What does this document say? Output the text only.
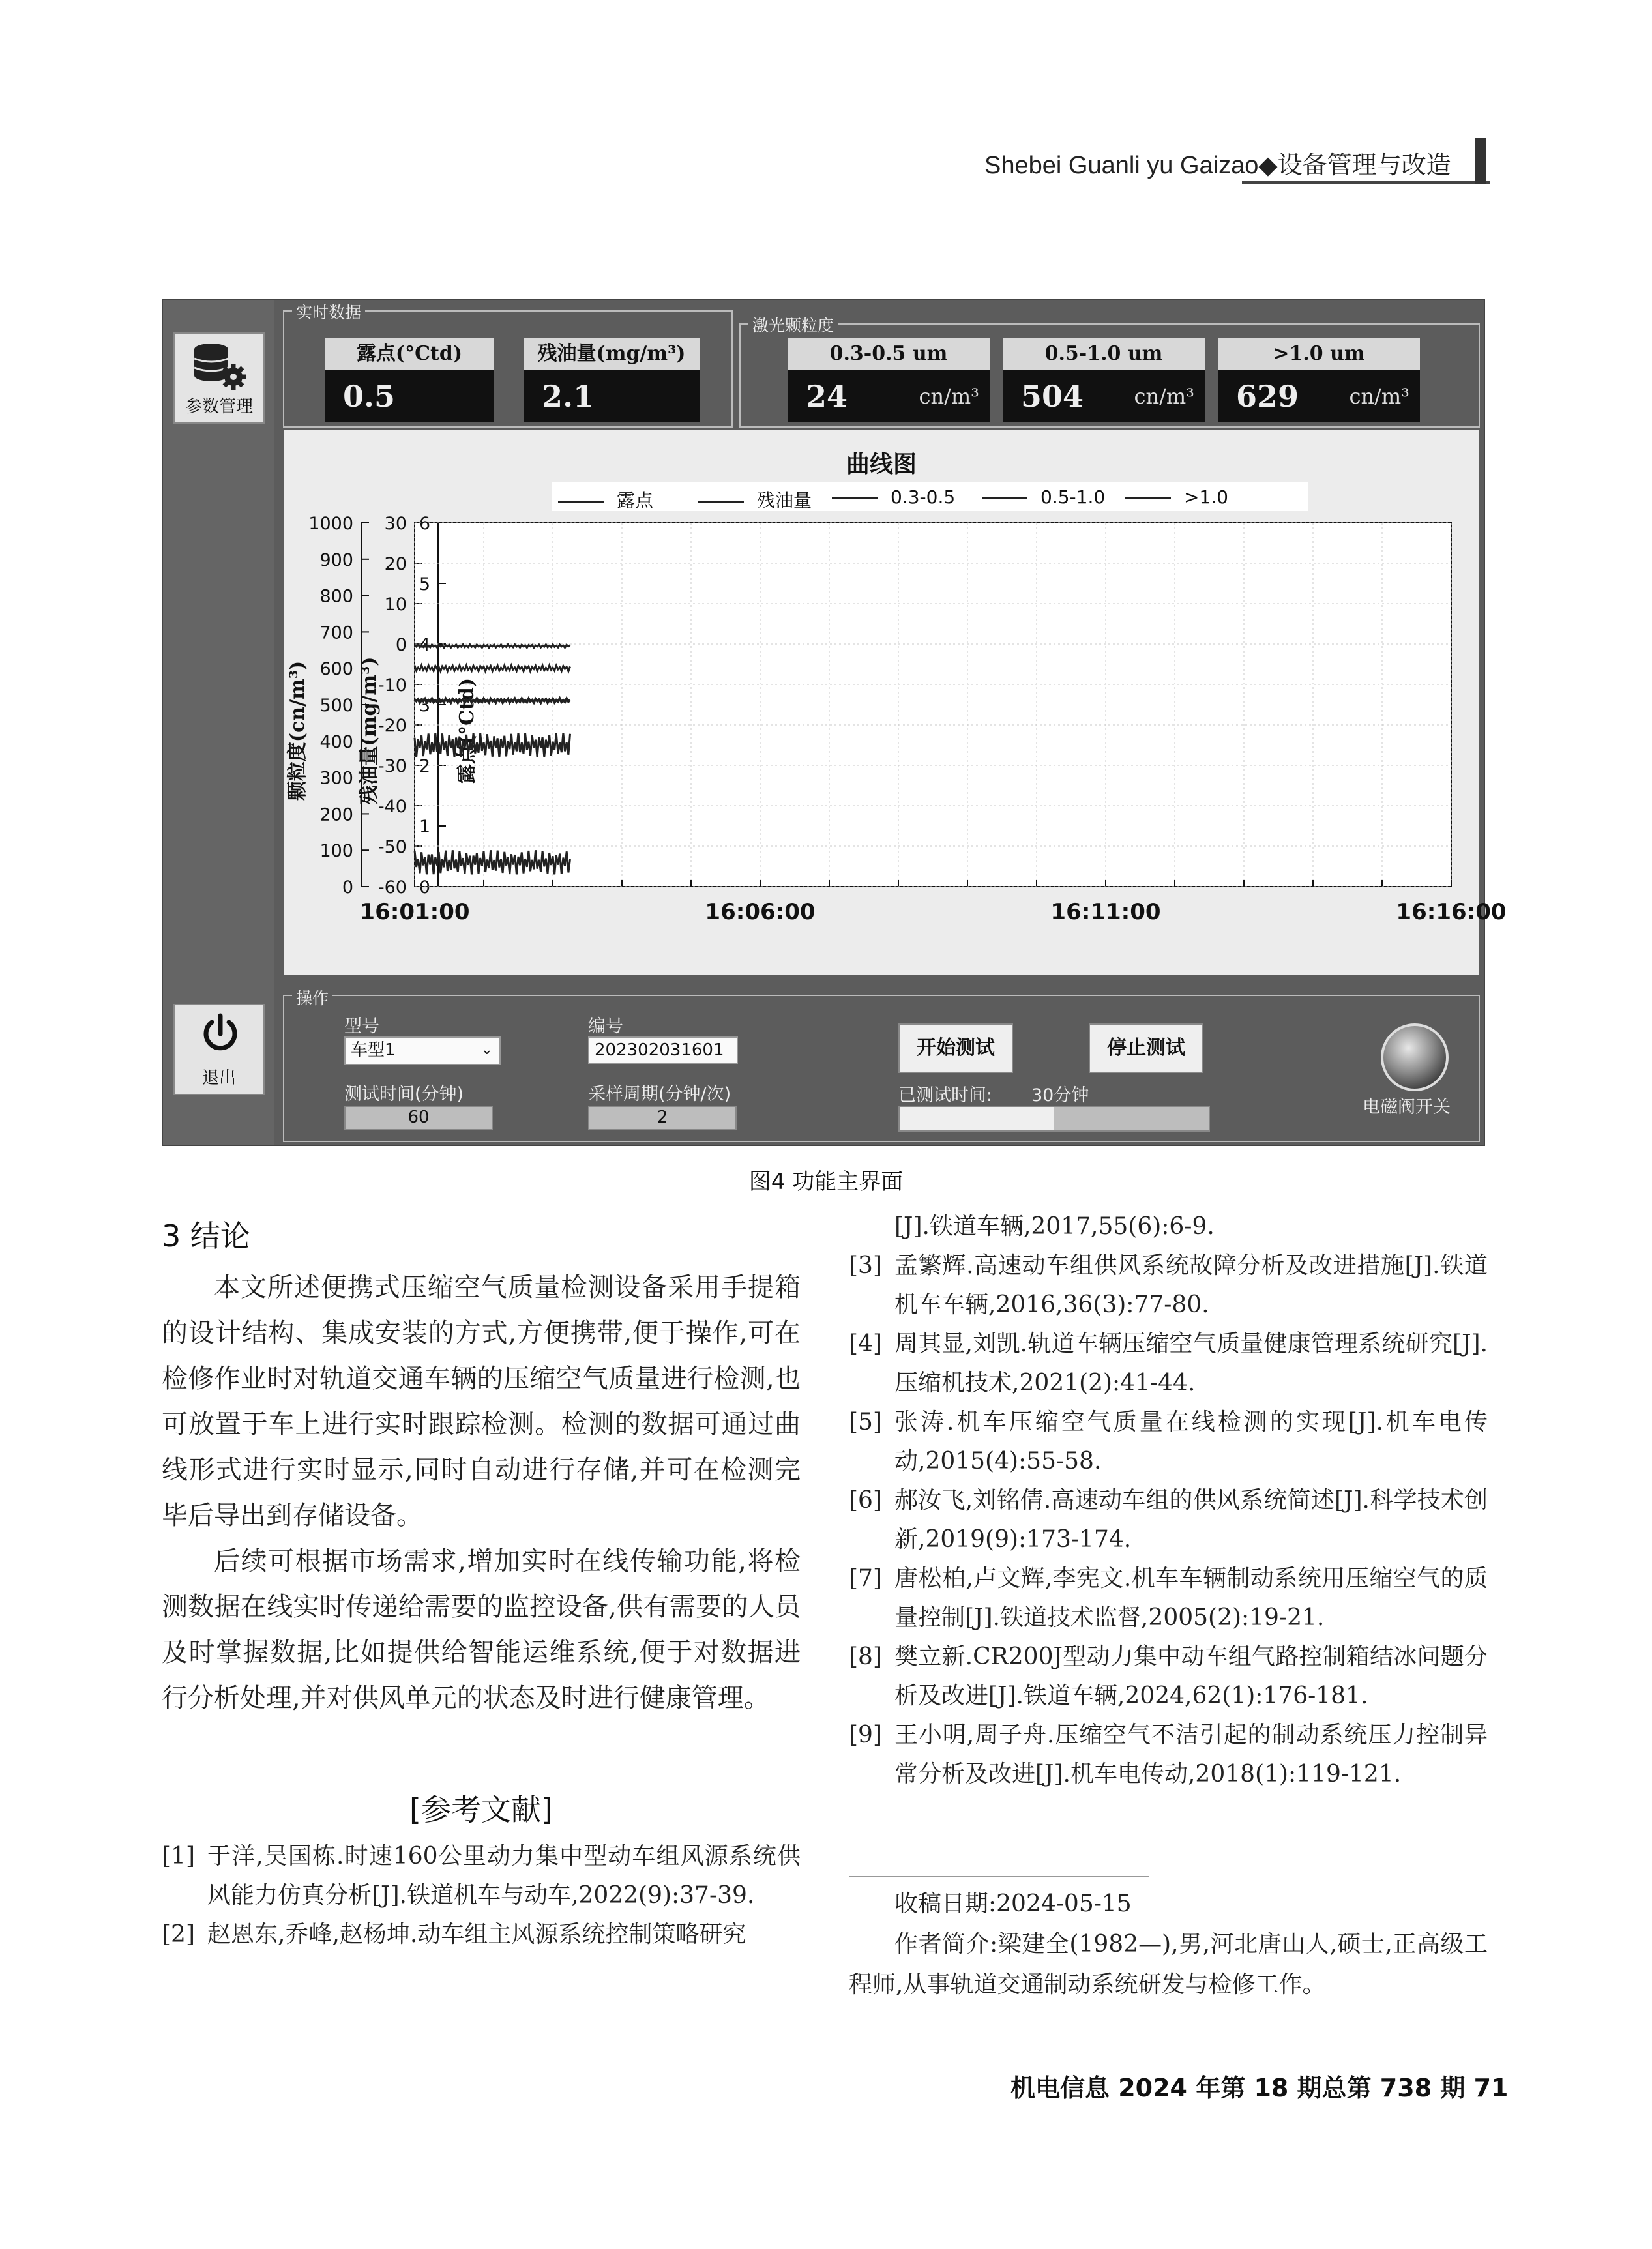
Shebei Guanli yu Gaizao◆设备管理与改造
参数管理
退出
实时数据
露点(°Ctd)
0.5
残油量(mg/m³)
2.1
激光颗粒度
0.3-0.5 um
24	cn/m³
0.5-1.0 um
504	cn/m³
>1.0 um
629	cn/m³
16:01:00	16:06:00	16:11:00	16:16:00
0
100
200
300
400
500
600
700
800
900
1000
颗粒度(cn/m³)
0
1
2
3
4
5
6
残油量(mg/m³)
-60
-50
-40
-30
-20
-10
0
10
20
30
露点(°Ctd)
曲线图
露点	残油量	0.3-0.5	0.5-1.0	>1.0
操作
型号
车型1	⌄
编号
202302031601
测试时间(分钟)
60
采样周期(分钟/次)
2
开始测试	停止测试
已测试时间: 30分钟
电磁阀开关
图4 功能主界面
3 结论

本文所述便携式压缩空气质量检测设备采用手提箱的设计结构、集成安装的方式,方便携带,便于操作,可在检修作业时对轨道交通车辆的压缩空气质量进行检测,也可放置于车上进行实时跟踪检测。检测的数据可通过曲线形式进行实时显示,同时自动进行存储,并可在检测完毕后导出到存储设备。

后续可根据市场需求,增加实时在线传输功能,将检测数据在线实时传递给需要的监控设备,供有需要的人员及时掌握数据,比如提供给智能运维系统,便于对数据进行分析处理,并对供风单元的状态及时进行健康管理。

[参考文献]
[1] 于洋,吴国栋.时速160公里动力集中型动车组风源系统供风能力仿真分析[J].铁道机车与动车,2022(9):37-39.
[2] 赵恩东,乔峰,赵杨坤.动车组主风源系统控制策略研究
[J].铁道车辆,2017,55(6):6-9.
[3] 孟繁辉.高速动车组供风系统故障分析及改进措施[J].铁道机车车辆,2016,36(3):77-80.
[4] 周其显,刘凯.轨道车辆压缩空气质量健康管理系统研究[J].压缩机技术,2021(2):41-44.
[5] 张涛.机车压缩空气质量在线检测的实现[J].机车电传动,2015(4):55-58.
[6] 郝汝飞,刘铭倩.高速动车组的供风系统简述[J].科学技术创新,2019(9):173-174.
[7] 唐松柏,卢文辉,李宪文.机车车辆制动系统用压缩空气的质量控制[J].铁道技术监督,2005(2):19-21.
[8] 樊立新.CR200J型动力集中动车组气路控制箱结冰问题分析及改进[J].铁道车辆,2024,62(1):176-181.
[9] 王小明,周子舟.压缩空气不洁引起的制动系统压力控制异常分析及改进[J].机车电传动,2018(1):119-121.
收稿日期:2024-05-15
作者简介:梁建全(1982—),男,河北唐山人,硕士,正高级工程师,从事轨道交通制动系统研发与检修工作。
机电信息 2024 年第 18 期总第 738 期 71
